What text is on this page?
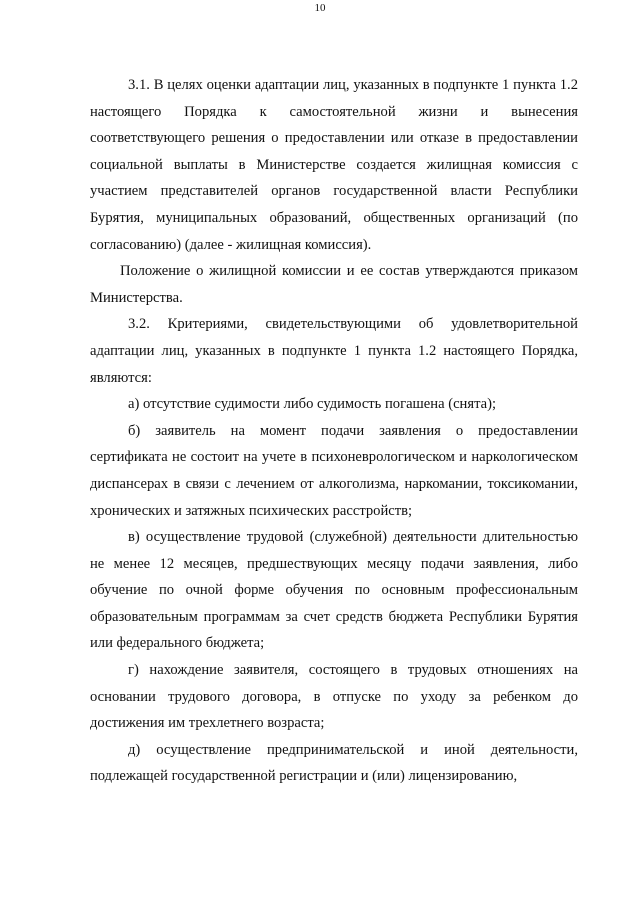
10

3.1. В целях оценки адаптации лиц, указанных в подпункте 1 пункта 1.2 настоящего Порядка к самостоятельной жизни и вынесения соответствующего решения о предоставлении или отказе в предоставлении социальной выплаты в Министерстве создается жилищная комиссия с участием представителей органов государственной власти Республики Бурятия, муниципальных образований, общественных организаций (по согласованию) (далее - жилищная комиссия).

Положение о жилищной комиссии и ее состав утверждаются приказом Министерства.

3.2. Критериями, свидетельствующими об удовлетворительной адаптации лиц, указанных в подпункте 1 пункта 1.2 настоящего Порядка, являются:

а) отсутствие судимости либо судимость погашена (снята);

б) заявитель на момент подачи заявления о предоставлении сертификата не состоит на учете в психоневрологическом и наркологическом диспансерах в связи с лечением от алкоголизма, наркомании, токсикомании, хронических и затяжных психических расстройств;

в) осуществление трудовой (служебной) деятельности длительностью не менее 12 месяцев, предшествующих месяцу подачи заявления, либо обучение по очной форме обучения по основным профессиональным образовательным программам за счет средств бюджета Республики Бурятия или федерального бюджета;

г) нахождение заявителя, состоящего в трудовых отношениях на основании трудового договора, в отпуске по уходу за ребенком до достижения им трехлетнего возраста;

д) осуществление предпринимательской и иной деятельности, подлежащей государственной регистрации и (или) лицензированию,
